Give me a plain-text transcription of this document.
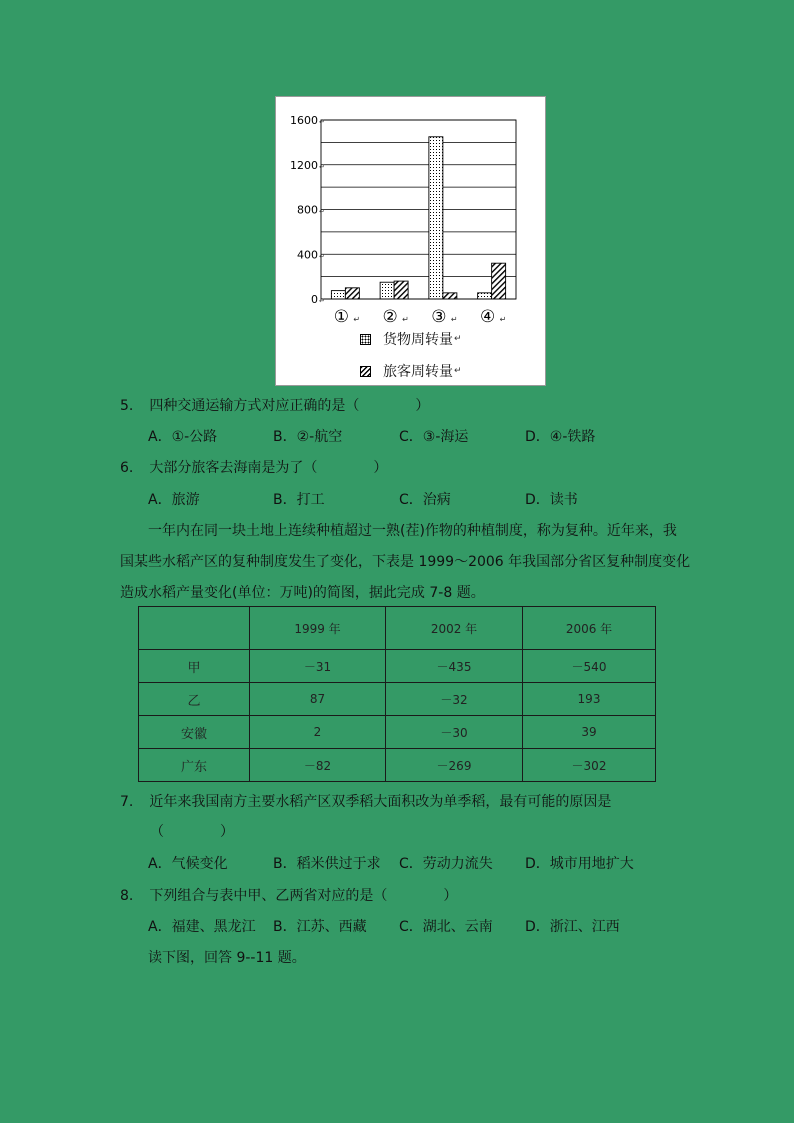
0 ↵
400 ↵
800 ↵
1200 ↵
1600 ↵
① ↵ ② ↵ ③ ↵ ④ ↵
货物周转量 ↵
旅客周转量 ↵
5. 四种交通运输方式对应正确的是（　　　　）
A．①-公路	B．②-航空	C．③-海运	D．④-铁路
6. 大部分旅客去海南是为了（　　　　）
A．旅游	B．打工	C．治病	D．读书
一年内在同一块土地上连续种植超过一熟(茬)作物的种植制度，称为复种。近年来，我
国某些水稻产区的复种制度发生了变化，下表是 1999～2006 年我国部分省区复种制度变化
造成水稻产量变化(单位：万吨)的简图，据此完成 7-8 题。
	1999 年	2002 年	2006 年
甲	－31	－435	－540
乙	87	－32	193
安徽	2	－30	39
广东	－82	－269	－302
7. 近年来我国南方主要水稻产区双季稻大面积改为单季稻，最有可能的原因是
（　　　　）
A．气候变化	B．稻米供过于求 C．劳动力流失 D．城市用地扩大
8. 下列组合与表中甲、乙两省对应的是（　　　　）
A．福建、黑龙江 B．江苏、西藏 C．湖北、云南 D．浙江、江西
读下图，回答 9--11 题。
